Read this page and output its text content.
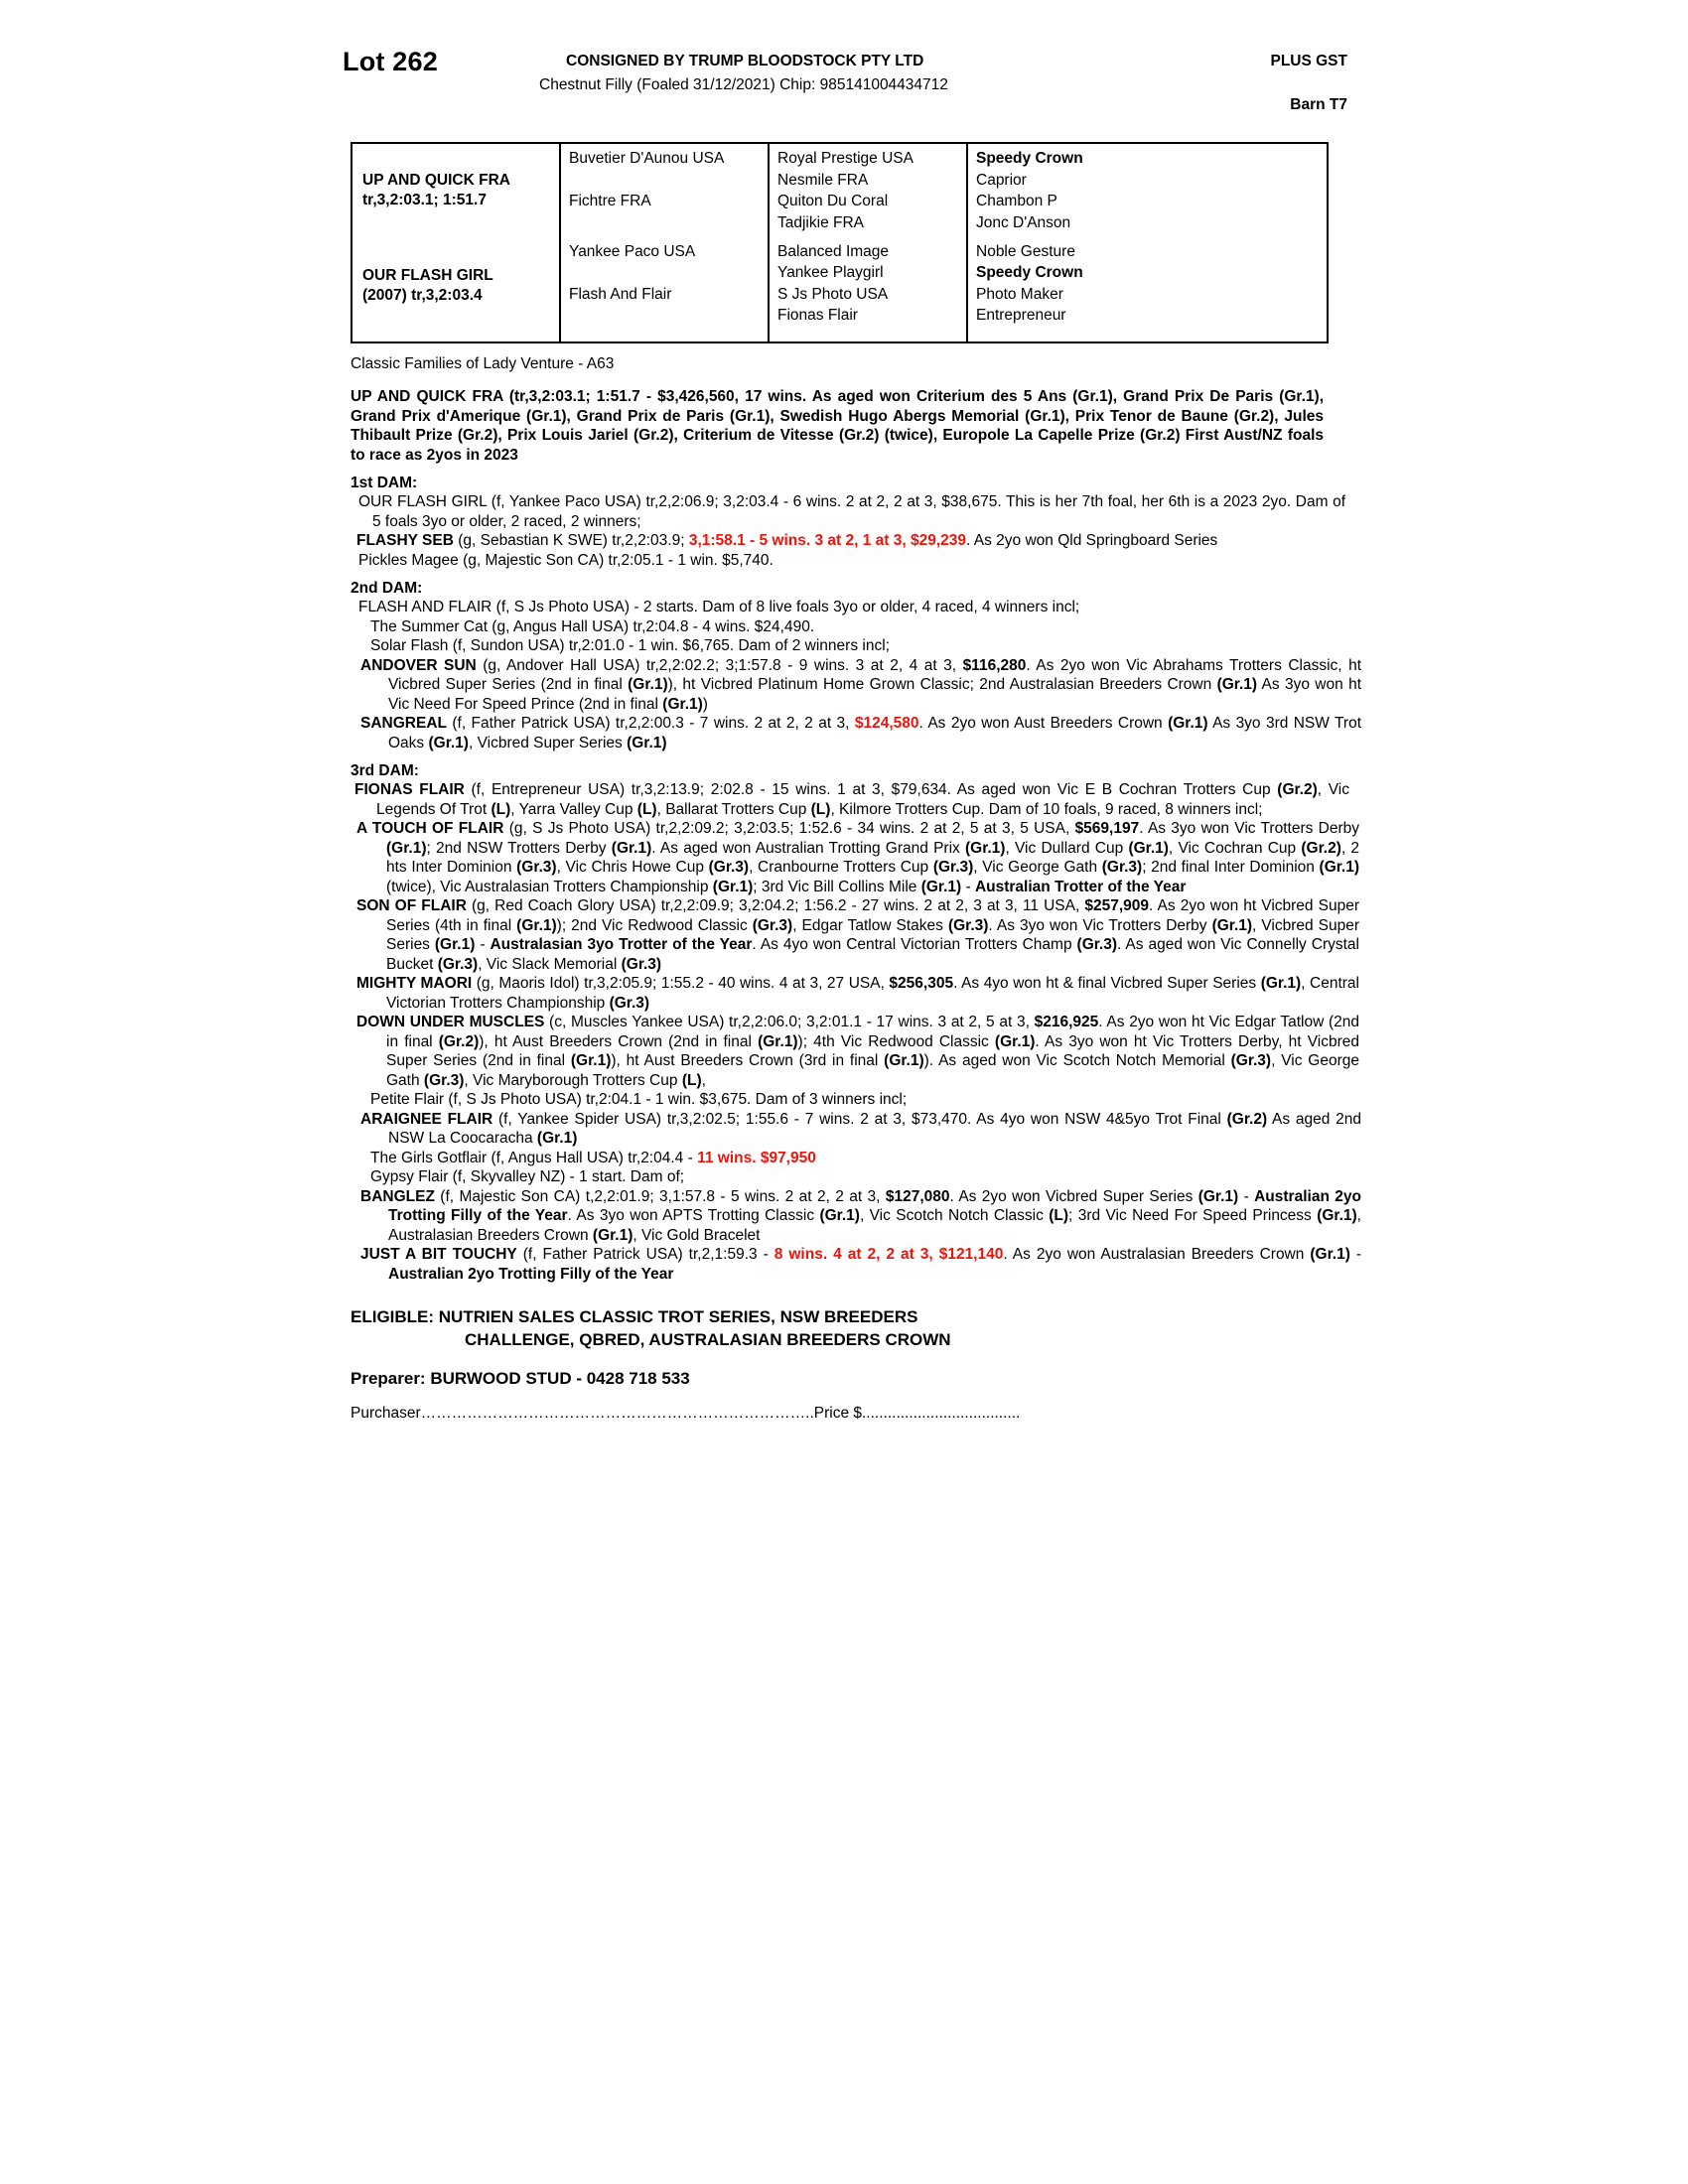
Lot 262	CONSIGNED BY TRUMP BLOODSTOCK PTY LTD	PLUS GST
Chestnut Filly (Foaled 31/12/2021) Chip: 985141004434712
Barn T7
UP AND QUICK FRA
tr,3,2:03.1; 1:51.7
OUR FLASH GIRL
(2007) tr,3,2:03.4
Buvetier D'Aunou USA
Fichtre FRA
Yankee Paco USA
Flash And Flair
Royal Prestige USA
Nesmile FRA
Quiton Du Coral
Tadjikie FRA
Balanced Image
Yankee Playgirl
S Js Photo USA
Fionas Flair
Speedy Crown
Caprior
Chambon P
Jonc D'Anson
Noble Gesture
Speedy Crown
Photo Maker
Entrepreneur
Classic Families of Lady Venture - A63
UP AND QUICK FRA (tr,3,2:03.1; 1:51.7 - $3,426,560, 17 wins. As aged won Criterium des 5 Ans (Gr.1), Grand Prix De Paris (Gr.1), Grand Prix d'Amerique (Gr.1), Grand Prix de Paris (Gr.1), Swedish Hugo Abergs Memorial (Gr.1), Prix Tenor de Baune (Gr.2), Jules Thibault Prize (Gr.2), Prix Louis Jariel (Gr.2), Criterium de Vitesse (Gr.2) (twice), Europole La Capelle Prize (Gr.2) First Aust/NZ foals to race as 2yos in 2023
1st DAM:
OUR FLASH GIRL (f, Yankee Paco USA) tr,2,2:06.9; 3,2:03.4 - 6 wins. 2 at 2, 2 at 3, $38,675. This is her 7th foal, her 6th is a 2023 2yo. Dam of 5 foals 3yo or older, 2 raced, 2 winners;
FLASHY SEB (g, Sebastian K SWE) tr,2,2:03.9; 3,1:58.1 - 5 wins. 3 at 2, 1 at 3, $29,239. As 2yo won Qld Springboard Series
Pickles Magee (g, Majestic Son CA) tr,2:05.1 - 1 win. $5,740.
2nd DAM:
FLASH AND FLAIR (f, S Js Photo USA) - 2 starts. Dam of 8 live foals 3yo or older, 4 raced, 4 winners incl;
The Summer Cat (g, Angus Hall USA) tr,2:04.8 - 4 wins. $24,490.
Solar Flash (f, Sundon USA) tr,2:01.0 - 1 win. $6,765. Dam of 2 winners incl;
ANDOVER SUN (g, Andover Hall USA) tr,2,2:02.2; 3;1:57.8 - 9 wins. 3 at 2, 4 at 3, $116,280. As 2yo won Vic Abrahams Trotters Classic, ht Vicbred Super Series (2nd in final (Gr.1)), ht Vicbred Platinum Home Grown Classic; 2nd Australasian Breeders Crown (Gr.1) As 3yo won ht Vic Need For Speed Prince (2nd in final (Gr.1))
SANGREAL (f, Father Patrick USA) tr,2,2:00.3 - 7 wins. 2 at 2, 2 at 3, $124,580. As 2yo won Aust Breeders Crown (Gr.1) As 3yo 3rd NSW Trot Oaks (Gr.1), Vicbred Super Series (Gr.1)
3rd DAM:
FIONAS FLAIR (f, Entrepreneur USA) tr,3,2:13.9; 2:02.8 - 15 wins. 1 at 3, $79,634. As aged won Vic E B Cochran Trotters Cup (Gr.2), Vic Legends Of Trot (L), Yarra Valley Cup (L), Ballarat Trotters Cup (L), Kilmore Trotters Cup. Dam of 10 foals, 9 raced, 8 winners incl;
A TOUCH OF FLAIR (g, S Js Photo USA) tr,2,2:09.2; 3,2:03.5; 1:52.6 - 34 wins. 2 at 2, 5 at 3, 5 USA, $569,197. As 3yo won Vic Trotters Derby (Gr.1); 2nd NSW Trotters Derby (Gr.1). As aged won Australian Trotting Grand Prix (Gr.1), Vic Dullard Cup (Gr.1), Vic Cochran Cup (Gr.2), 2 hts Inter Dominion (Gr.3), Vic Chris Howe Cup (Gr.3), Cranbourne Trotters Cup (Gr.3), Vic George Gath (Gr.3); 2nd final Inter Dominion (Gr.1) (twice), Vic Australasian Trotters Championship (Gr.1); 3rd Vic Bill Collins Mile (Gr.1) - Australian Trotter of the Year
SON OF FLAIR (g, Red Coach Glory USA) tr,2,2:09.9; 3,2:04.2; 1:56.2 - 27 wins. 2 at 2, 3 at 3, 11 USA, $257,909. As 2yo won ht Vicbred Super Series (4th in final (Gr.1)); 2nd Vic Redwood Classic (Gr.3), Edgar Tatlow Stakes (Gr.3). As 3yo won Vic Trotters Derby (Gr.1), Vicbred Super Series (Gr.1) - Australasian 3yo Trotter of the Year. As 4yo won Central Victorian Trotters Champ (Gr.3). As aged won Vic Connelly Crystal Bucket (Gr.3), Vic Slack Memorial (Gr.3)
MIGHTY MAORI (g, Maoris Idol) tr,3,2:05.9; 1:55.2 - 40 wins. 4 at 3, 27 USA, $256,305. As 4yo won ht & final Vicbred Super Series (Gr.1), Central Victorian Trotters Championship (Gr.3)
DOWN UNDER MUSCLES (c, Muscles Yankee USA) tr,2,2:06.0; 3,2:01.1 - 17 wins. 3 at 2, 5 at 3, $216,925. As 2yo won ht Vic Edgar Tatlow (2nd in final (Gr.2)), ht Aust Breeders Crown (2nd in final (Gr.1)); 4th Vic Redwood Classic (Gr.1). As 3yo won ht Vic Trotters Derby, ht Vicbred Super Series (2nd in final (Gr.1)), ht Aust Breeders Crown (3rd in final (Gr.1)). As aged won Vic Scotch Notch Memorial (Gr.3), Vic George Gath (Gr.3), Vic Maryborough Trotters Cup (L),
Petite Flair (f, S Js Photo USA) tr,2:04.1 - 1 win. $3,675. Dam of 3 winners incl;
ARAIGNEE FLAIR (f, Yankee Spider USA) tr,3,2:02.5; 1:55.6 - 7 wins. 2 at 3, $73,470. As 4yo won NSW 4&5yo Trot Final (Gr.2) As aged 2nd NSW La Coocaracha (Gr.1)
The Girls Gotflair (f, Angus Hall USA) tr,2:04.4 - 11 wins. $97,950
Gypsy Flair (f, Skyvalley NZ) - 1 start. Dam of;
BANGLEZ (f, Majestic Son CA) t,2,2:01.9; 3,1:57.8 - 5 wins. 2 at 2, 2 at 3, $127,080. As 2yo won Vicbred Super Series (Gr.1) - Australian 2yo Trotting Filly of the Year. As 3yo won APTS Trotting Classic (Gr.1), Vic Scotch Notch Classic (L); 3rd Vic Need For Speed Princess (Gr.1), Australasian Breeders Crown (Gr.1), Vic Gold Bracelet
JUST A BIT TOUCHY (f, Father Patrick USA) tr,2,1:59.3 - 8 wins. 4 at 2, 2 at 3, $121,140. As 2yo won Australasian Breeders Crown (Gr.1) - Australian 2yo Trotting Filly of the Year
ELIGIBLE: NUTRIEN SALES CLASSIC TROT SERIES, NSW BREEDERS
CHALLENGE, QBRED, AUSTRALASIAN BREEDERS CROWN
Preparer: BURWOOD STUD - 0428 718 533
Purchaser…………………………………………………………………..Price $.....................................
